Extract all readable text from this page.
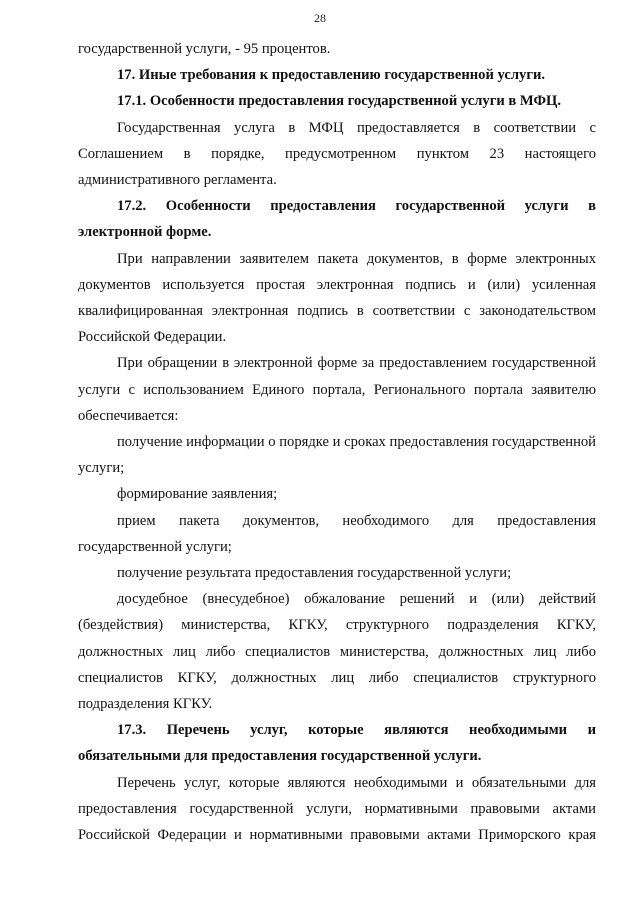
28

государственной услуги, - 95 процентов.

17. Иные требования к предоставлению государственной услуги.

17.1. Особенности предоставления государственной услуги в МФЦ.

Государственная услуга в МФЦ предоставляется в соответствии с Соглашением в порядке, предусмотренном пунктом 23 настоящего административного регламента.

17.2. Особенности предоставления государственной услуги в электронной форме.

При направлении заявителем пакета документов, в форме электронных документов используется простая электронная подпись и (или) усиленная квалифицированная электронная подпись в соответствии с законодательством Российской Федерации.

При обращении в электронной форме за предоставлением государственной услуги с использованием Единого портала, Регионального портала заявителю обеспечивается:

получение информации о порядке и сроках предоставления государственной услуги;

формирование заявления;

прием пакета документов, необходимого для предоставления государственной услуги;

получение результата предоставления государственной услуги;

досудебное (внесудебное) обжалование решений и (или) действий (бездействия) министерства, КГКУ, структурного подразделения КГКУ, должностных лиц либо специалистов министерства, должностных лиц либо специалистов КГКУ, должностных лиц либо специалистов структурного подразделения КГКУ.

17.3. Перечень услуг, которые являются необходимыми и обязательными для предоставления государственной услуги.

Перечень услуг, которые являются необходимыми и обязательными для предоставления государственной услуги, нормативными правовыми актами Российской Федерации и нормативными правовыми актами Приморского края
